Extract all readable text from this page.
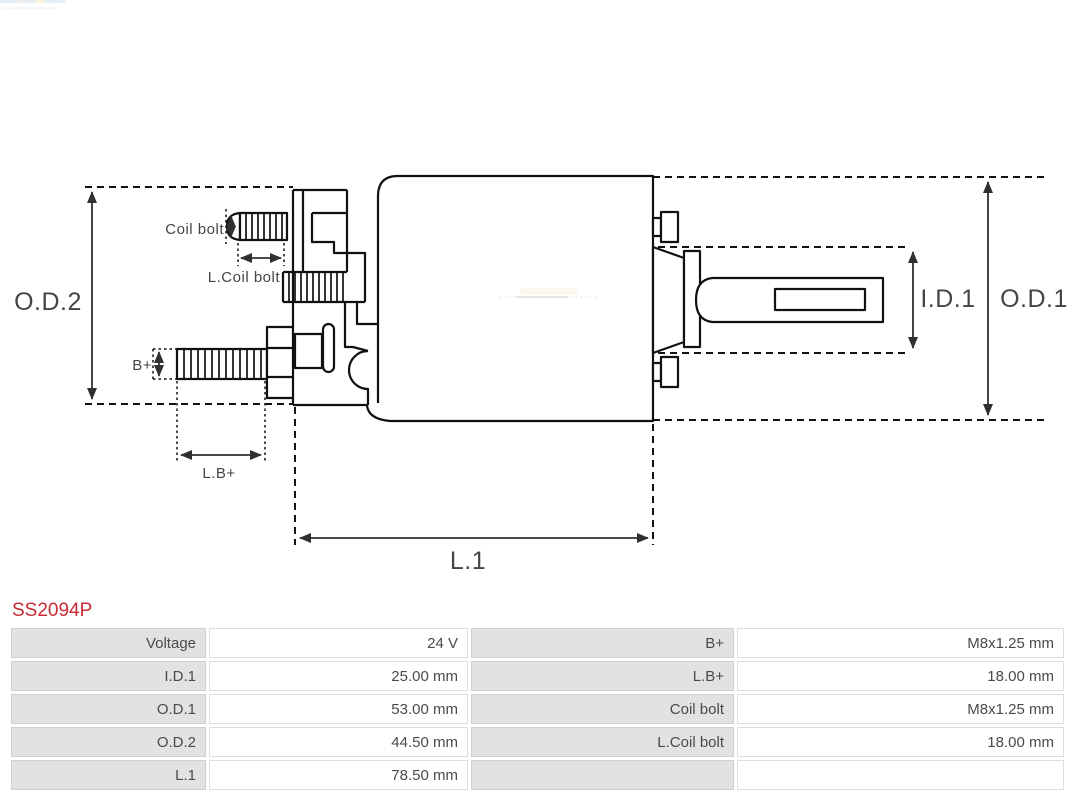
O.D.2	O.D.1
I.D.1
L.1
Coil bolt
L.Coil bolt
B+
L.B+
SS2094P
Voltage	24 V	B+	M8x1.25 mm
I.D.1	25.00 mm	L.B+	18.00 mm
O.D.1	53.00 mm	Coil bolt	M8x1.25 mm
O.D.2	44.50 mm	L.Coil bolt	18.00 mm
L.1	78.50 mm
